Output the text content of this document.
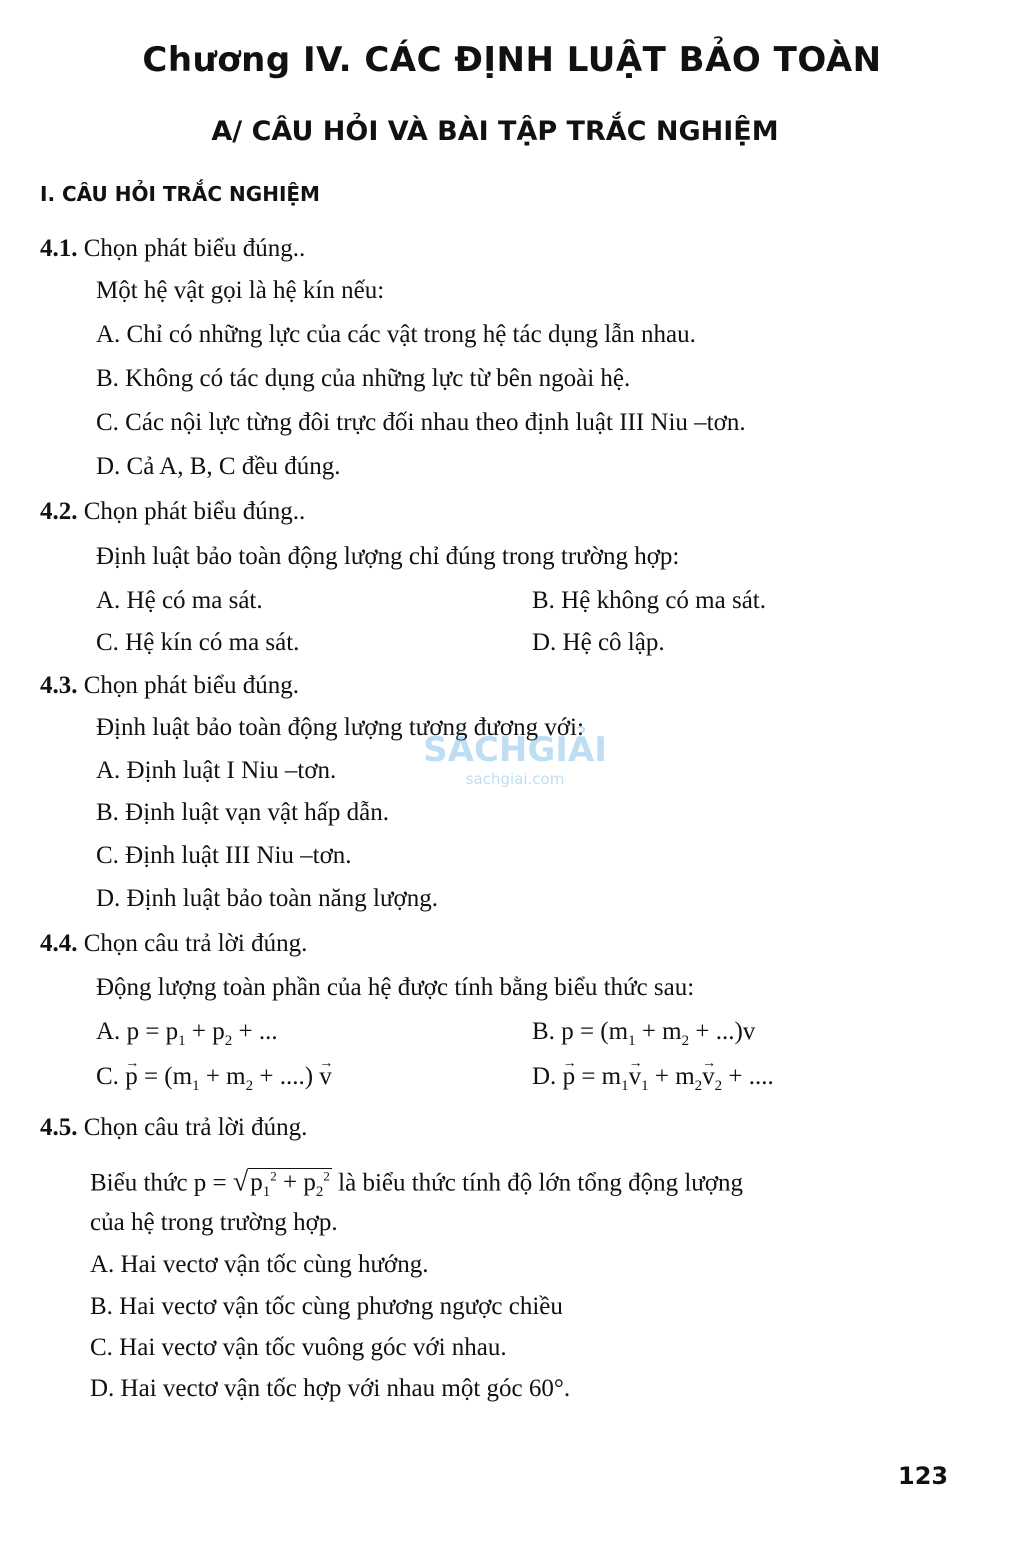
Chương IV. CÁC ĐỊNH LUẬT BẢO TOÀN
A/ CÂU HỎI VÀ BÀI TẬP TRẮC NGHIỆM
I. CÂU HỎI TRẮC NGHIỆM
4.1. Chọn phát biểu đúng..
Một hệ vật gọi là hệ kín nếu:
A. Chỉ có những lực của các vật trong hệ tác dụng lẫn nhau.
B. Không có tác dụng của những lực từ bên ngoài hệ.
C. Các nội lực từng đôi trực đối nhau theo định luật III Niu –tơn.
D. Cả A, B, C đều đúng.
4.2. Chọn phát biểu đúng..
Định luật bảo toàn động lượng chỉ đúng trong trường hợp:
A. Hệ có ma sát.	B. Hệ không có ma sát.
C. Hệ kín có ma sát.	D. Hệ cô lập.
4.3. Chọn phát biểu đúng.
Định luật bảo toàn động lượng tương đương với:
A. Định luật I Niu –tơn.
B. Định luật vạn vật hấp dẫn.
C. Định luật III Niu –tơn.
D. Định luật bảo toàn năng lượng.
4.4. Chọn câu trả lời đúng.
Động lượng toàn phần của hệ được tính bằng biểu thức sau:
A. $p = p_1 + p_2$ + ...	B. $p = (m_1 + m_2 + ...)v$
C. → $p = (m_1 + m_2$ + ....) → v	D. → $p = m_1\to v_1 + m_2\to v_2$ + ....
4.5. Chọn câu trả lời đúng.
Biểu thức $p = √p_1^2 + p_2^2$ là biểu thức tính độ lớn tổng động lượng
của hệ trong trường hợp.
A. Hai vectơ vận tốc cùng hướng.
B. Hai vectơ vận tốc cùng phương ngược chiều
C. Hai vectơ vận tốc vuông góc với nhau.
D. Hai vectơ vận tốc hợp với nhau một góc 60°.
SÁCHGIẢI
sachgiai.com
123
